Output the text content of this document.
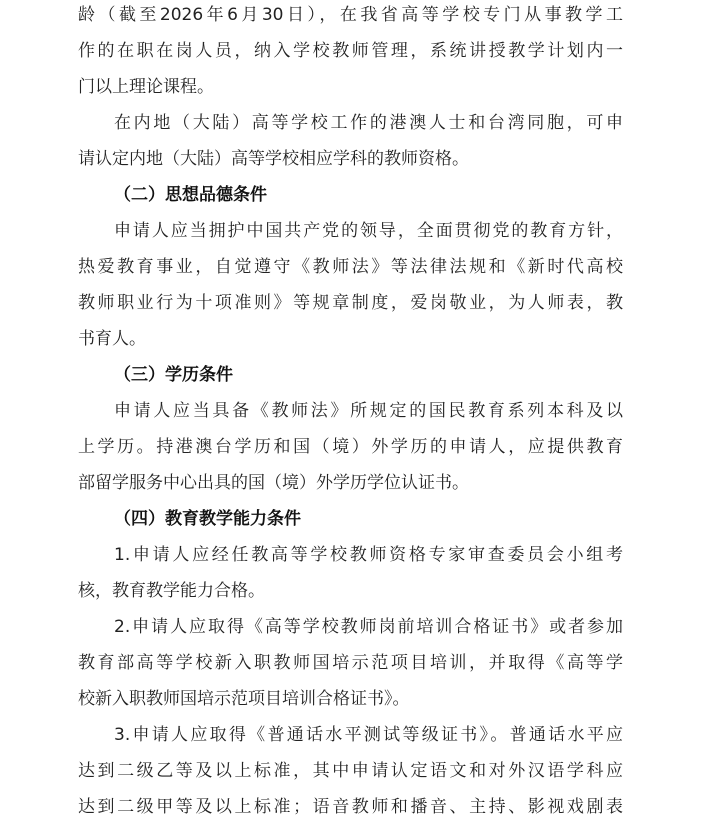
龄（截至2026年6月30日），在我省高等学校专门从事教学工
作的在职在岗人员，纳入学校教师管理，系统讲授教学计划内一
门以上理论课程。
在内地（大陆）高等学校工作的港澳人士和台湾同胞，可申
请认定内地（大陆）高等学校相应学科的教师资格。
（二）思想品德条件
申请人应当拥护中国共产党的领导，全面贯彻党的教育方针，
热爱教育事业，自觉遵守《教师法》等法律法规和《新时代高校
教师职业行为十项准则》等规章制度，爱岗敬业，为人师表，教
书育人。
（三）学历条件
申请人应当具备《教师法》所规定的国民教育系列本科及以
上学历。持港澳台学历和国（境）外学历的申请人，应提供教育
部留学服务中心出具的国（境）外学历学位认证书。
（四）教育教学能力条件
1.申请人应经任教高等学校教师资格专家审查委员会小组考
核，教育教学能力合格。
2.申请人应取得《高等学校教师岗前培训合格证书》或者参加
教育部高等学校新入职教师国培示范项目培训，并取得《高等学
校新入职教师国培示范项目培训合格证书》。
3.申请人应取得《普通话水平测试等级证书》。普通话水平应
达到二级乙等及以上标准，其中申请认定语文和对外汉语学科应
达到二级甲等及以上标准；语音教师和播音、主持、影视戏剧表
